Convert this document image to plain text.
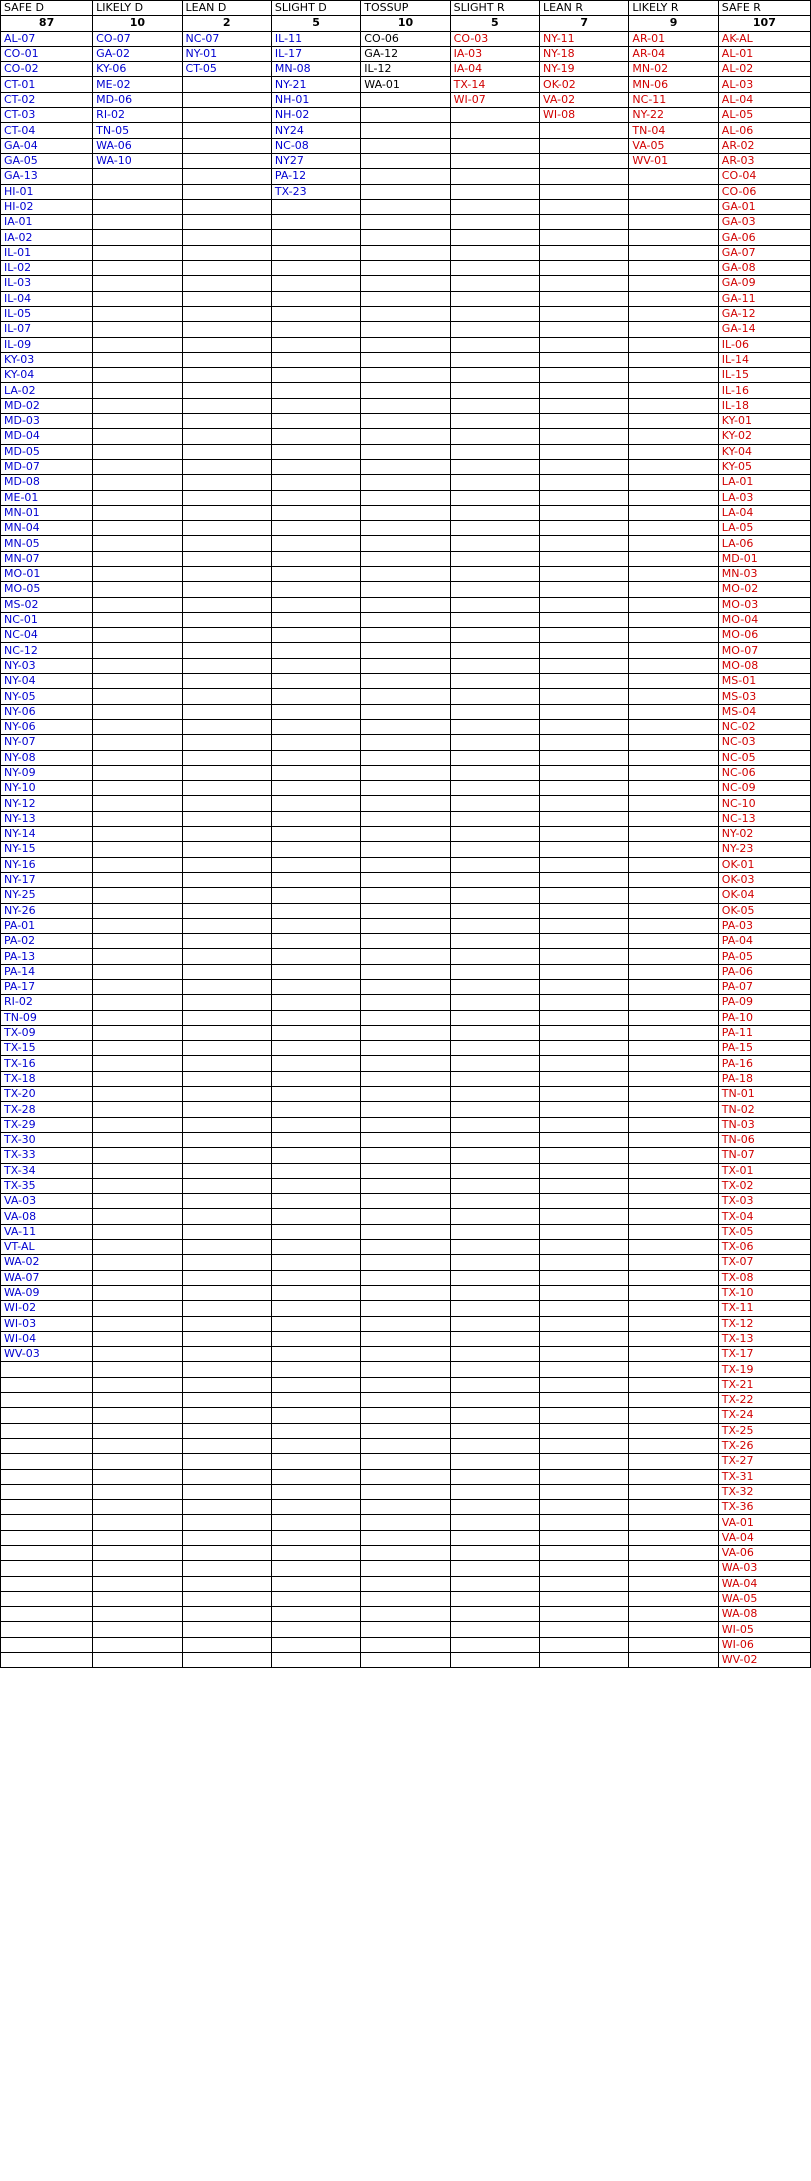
SAFE D	LIKELY D	LEAN D	SLIGHT D	TOSSUP	SLIGHT R	LEAN R	LIKELY R	SAFE R
87	10	2	5	10	5	7	9	107
AL-07	CO-07	NC-07	IL-11	CO-06	CO-03	NY-11	AR-01	AK-AL
CO-01	GA-02	NY-01	IL-17	GA-12	IA-03	NY-18	AR-04	AL-01
CO-02	KY-06	CT-05	MN-08	IL-12	IA-04	NY-19	MN-02	AL-02
CT-01	ME-02		NY-21	WA-01	TX-14	OK-02	MN-06	AL-03
CT-02	MD-06		NH-01		WI-07	VA-02	NC-11	AL-04
CT-03	RI-02		NH-02			WI-08	NY-22	AL-05
CT-04	TN-05		NY24				TN-04	AL-06
GA-04	WA-06		NC-08				VA-05	AR-02
GA-05	WA-10		NY27				WV-01	AR-03
GA-13			PA-12					CO-04
HI-01			TX-23					CO-06
HI-02								GA-01
IA-01								GA-03
IA-02								GA-06
IL-01								GA-07
IL-02								GA-08
IL-03								GA-09
IL-04								GA-11
IL-05								GA-12
IL-07								GA-14
IL-09								IL-06
KY-03								IL-14
KY-04								IL-15
LA-02								IL-16
MD-02								IL-18
MD-03								KY-01
MD-04								KY-02
MD-05								KY-04
MD-07								KY-05
MD-08								LA-01
ME-01								LA-03
MN-01								LA-04
MN-04								LA-05
MN-05								LA-06
MN-07								MD-01
MO-01								MN-03
MO-05								MO-02
MS-02								MO-03
NC-01								MO-04
NC-04								MO-06
NC-12								MO-07
NY-03								MO-08
NY-04								MS-01
NY-05								MS-03
NY-06								MS-04
NY-06								NC-02
NY-07								NC-03
NY-08								NC-05
NY-09								NC-06
NY-10								NC-09
NY-12								NC-10
NY-13								NC-13
NY-14								NY-02
NY-15								NY-23
NY-16								OK-01
NY-17								OK-03
NY-25								OK-04
NY-26								OK-05
PA-01								PA-03
PA-02								PA-04
PA-13								PA-05
PA-14								PA-06
PA-17								PA-07
RI-02								PA-09
TN-09								PA-10
TX-09								PA-11
TX-15								PA-15
TX-16								PA-16
TX-18								PA-18
TX-20								TN-01
TX-28								TN-02
TX-29								TN-03
TX-30								TN-06
TX-33								TN-07
TX-34								TX-01
TX-35								TX-02
VA-03								TX-03
VA-08								TX-04
VA-11								TX-05
VT-AL								TX-06
WA-02								TX-07
WA-07								TX-08
WA-09								TX-10
WI-02								TX-11
WI-03								TX-12
WI-04								TX-13
WV-03								TX-17
								TX-19
								TX-21
								TX-22
								TX-24
								TX-25
								TX-26
								TX-27
								TX-31
								TX-32
								TX-36
								VA-01
								VA-04
								VA-06
								WA-03
								WA-04
								WA-05
								WA-08
								WI-05
								WI-06
								WV-02
